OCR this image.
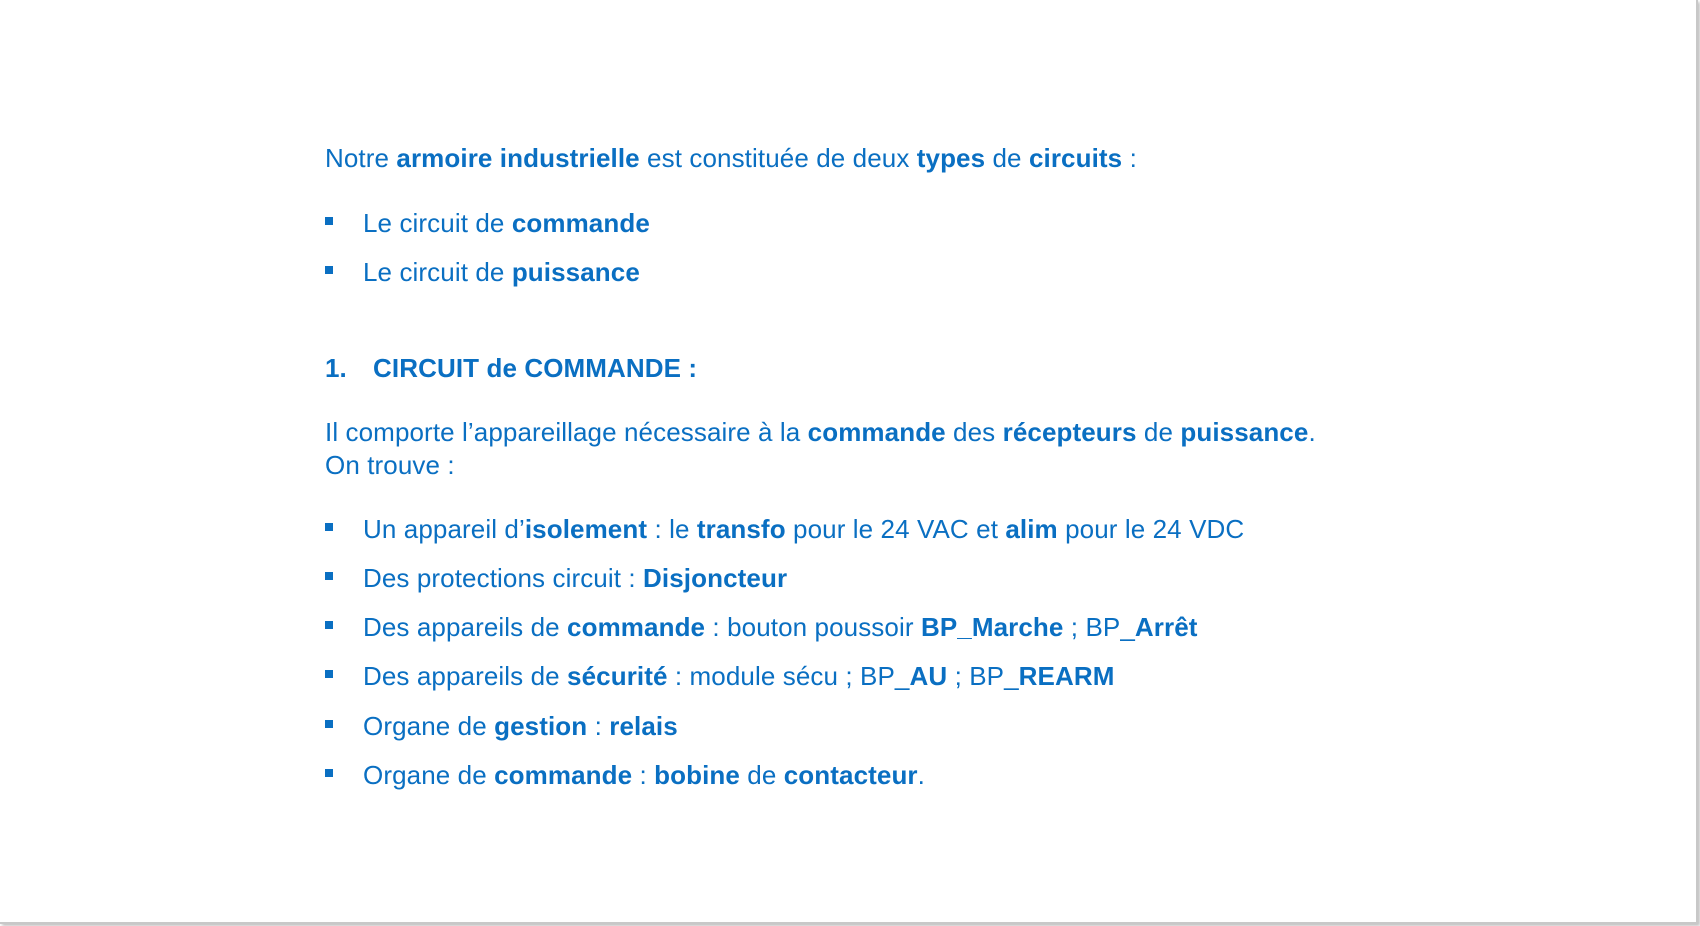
Notre armoire industrielle est constituée de deux types de circuits :
Le circuit de commande
Le circuit de puissance
1. CIRCUIT de COMMANDE :
Il comporte l’appareillage nécessaire à la commande des récepteurs de puissance.
On trouve :
Un appareil d’isolement : le transfo pour le 24 VAC et alim pour le 24 VDC
Des protections circuit : Disjoncteur
Des appareils de commande : bouton poussoir BP_Marche ; BP_Arrêt
Des appareils de sécurité : module sécu ; BP_AU ; BP_REARM
Organe de gestion : relais
Organe de commande : bobine de contacteur.
